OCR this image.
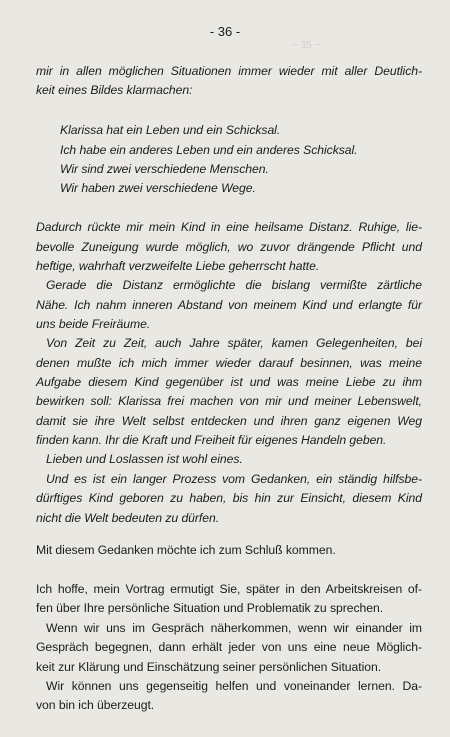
~ 35 ~
- 36 -
mir in allen möglichen Situationen immer wieder mit aller Deutlich-
keit eines Bildes klarmachen:
Klarissa hat ein Leben und ein Schicksal.
Ich habe ein anderes Leben und ein anderes Schicksal.
Wir sind zwei verschiedene Menschen.
Wir haben zwei verschiedene Wege.
Dadurch rückte mir mein Kind in eine heilsame Distanz. Ruhige, lie-
bevolle Zuneigung wurde möglich, wo zuvor drängende Pflicht und
heftige, wahrhaft verzweifelte Liebe geherrscht hatte.
Gerade die Distanz ermöglichte die bislang vermißte zärtliche
Nähe. Ich nahm inneren Abstand von meinem Kind und erlangte für
uns beide Freiräume.
Von Zeit zu Zeit, auch Jahre später, kamen Gelegenheiten, bei
denen mußte ich mich immer wieder darauf besinnen, was meine
Aufgabe diesem Kind gegenüber ist und was meine Liebe zu ihm
bewirken soll: Klarissa frei machen von mir und meiner Lebenswelt,
damit sie ihre Welt selbst entdecken und ihren ganz eigenen Weg
finden kann. Ihr die Kraft und Freiheit für eigenes Handeln geben.
Lieben und Loslassen ist wohl eines.
Und es ist ein langer Prozess vom Gedanken, ein ständig hilfsbe-
dürftiges Kind geboren zu haben, bis hin zur Einsicht, diesem Kind
nicht die Welt bedeuten zu dürfen.
Mit diesem Gedanken möchte ich zum Schluß kommen.
Ich hoffe, mein Vortrag ermutigt Sie, später in den Arbeitskreisen of-
fen über Ihre persönliche Situation und Problematik zu sprechen.
Wenn wir uns im Gespräch näherkommen, wenn wir einander im
Gespräch begegnen, dann erhält jeder von uns eine neue Möglich-
keit zur Klärung und Einschätzung seiner persönlichen Situation.
Wir können uns gegenseitig helfen und voneinander lernen. Da-
von bin ich überzeugt.
